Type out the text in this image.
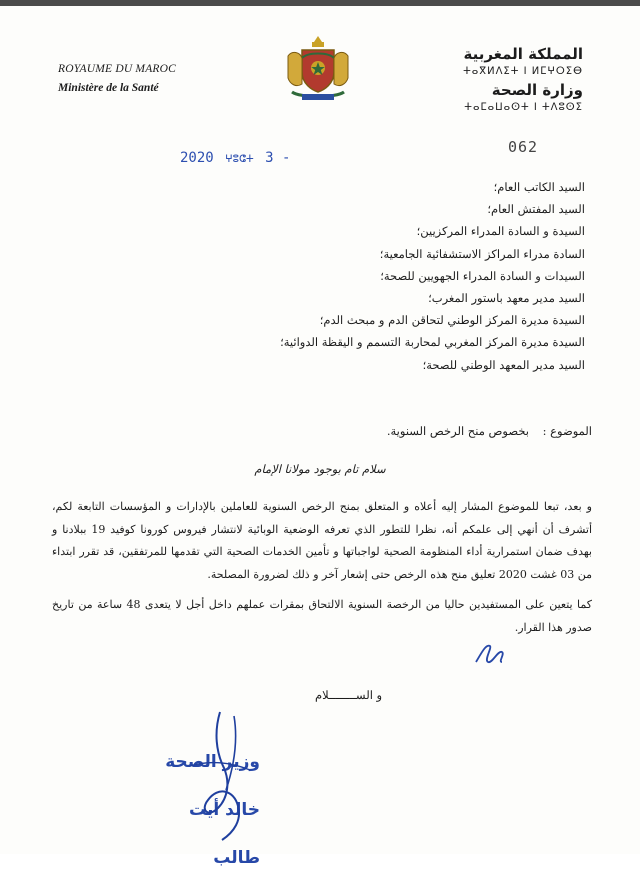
ROYAUME DU MAROC
Ministère de la Santé
المملكة المغربية
ⵜⴰⴳⵍⴷⵉⵜ ⵏ ⵍⵎⵖⵔⵉⴱ
وزارة الصحة
ⵜⴰⵎⴰⵡⴰⵙⵜ ⵏ ⵜⴷⵓⵙⵉ
062
2020 ⵖⵓⵛⵜ 3 -
السيد الكاتب العام؛
السيد المفتش العام؛
السيدة و السادة المدراء المركزيين؛
السادة مدراء المراكز الاستشفائية الجامعية؛
السيدات و السادة المدراء الجهويين للصحة؛
السيد مدير معهد باستور المغرب؛
السيدة مديرة المركز الوطني لتحاقن الدم و مبحث الدم؛
السيدة مديرة المركز المغربي لمحاربة التسمم و اليقظة الدوائية؛
السيد مدير المعهد الوطني للصحة؛
الموضوع : بخصوص منح الرخص السنوية.
سلام تام بوجود مولانا الإمام

و بعد، تبعا للموضوع المشار إليه أعلاه و المتعلق بمنح الرخص السنوية للعاملين بالإدارات و المؤسسات التابعة لكم، أتشرف أن أنهي إلى علمكم أنه، نظرا للتطور الذي تعرفه الوضعية الوبائية لانتشار فيروس كورونا كوفيد 19 ببلادنا و بهدف ضمان استمرارية أداء المنظومة الصحية لواجباتها و تأمين الخدمات الصحية التي تقدمها للمرتفقين، قد تقرر ابتداء من 03 غشت 2020 تعليق منح هذه الرخص حتى إشعار آخر و ذلك لضرورة المصلحة.

كما يتعين على المستفيدين حاليا من الرخصة السنوية الالتحاق بمقرات عملهم داخل أجل لا يتعدى 48 ساعة من تاريخ صدور هذا القرار.

و الســــــــلام
وزير الصحة
خالد أيت طالب
